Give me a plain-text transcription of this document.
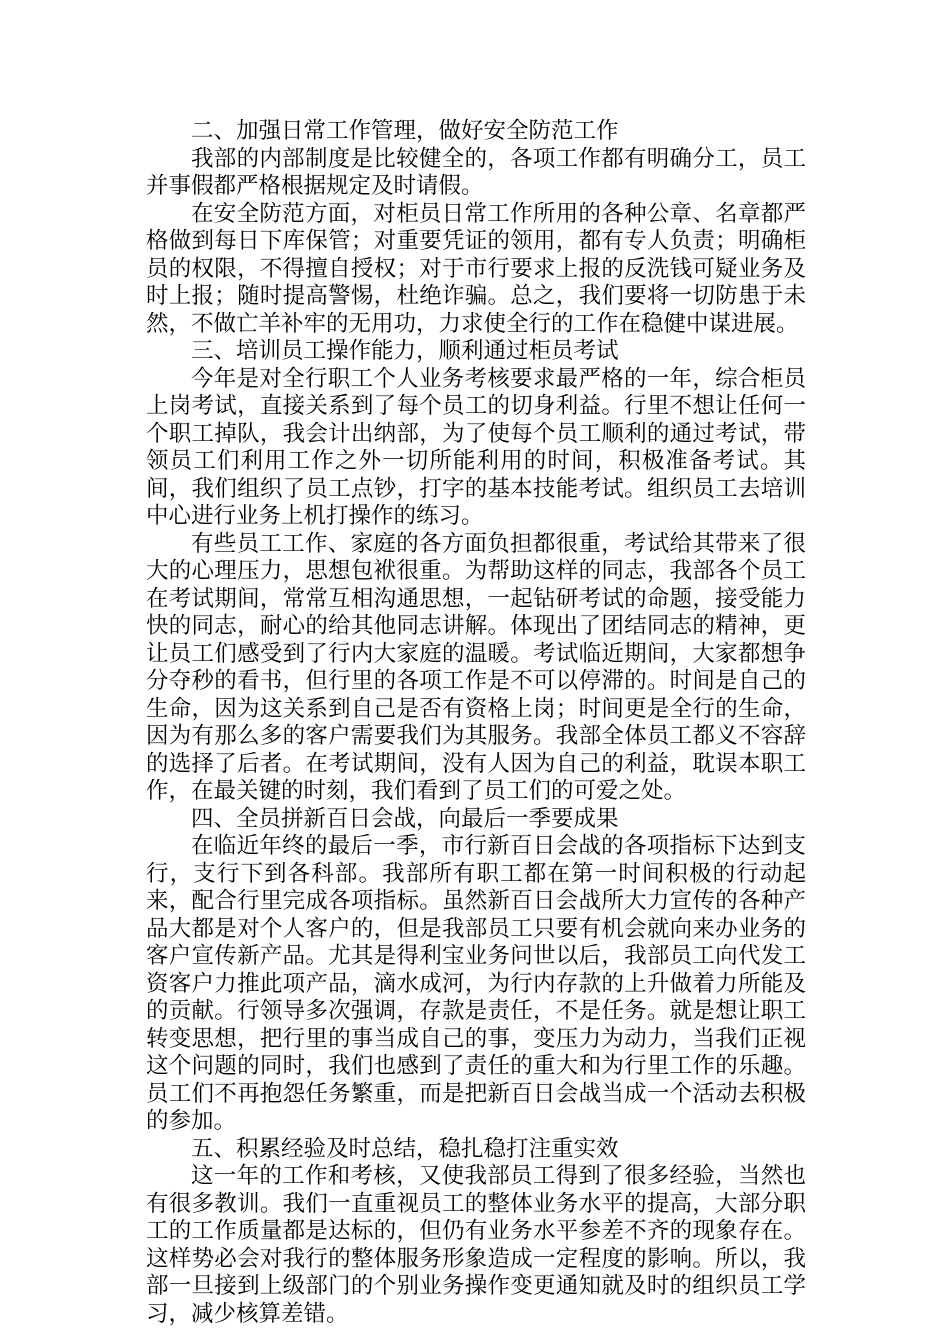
二、加强日常工作管理，做好安全防范工作

我部的内部制度是比较健全的，各项工作都有明确分工，员工并事假都严格根据规定及时请假。

在安全防范方面，对柜员日常工作所用的各种公章、名章都严格做到每日下库保管；对重要凭证的领用，都有专人负责；明确柜员的权限，不得擅自授权；对于市行要求上报的反洗钱可疑业务及时上报；随时提高警惕，杜绝诈骗。总之，我们要将一切防患于未然，不做亡羊补牢的无用功，力求使全行的工作在稳健中谋进展。

三、培训员工操作能力，顺利通过柜员考试

今年是对全行职工个人业务考核要求最严格的一年，综合柜员上岗考试，直接关系到了每个员工的切身利益。行里不想让任何一个职工掉队，我会计出纳部，为了使每个员工顺利的通过考试，带领员工们利用工作之外一切所能利用的时间，积极准备考试。其间，我们组织了员工点钞，打字的基本技能考试。组织员工去培训中心进行业务上机打操作的练习。

有些员工工作、家庭的各方面负担都很重，考试给其带来了很大的心理压力，思想包袱很重。为帮助这样的同志，我部各个员工在考试期间，常常互相沟通思想，一起钻研考试的命题，接受能力快的同志，耐心的给其他同志讲解。体现出了团结同志的精神，更让员工们感受到了行内大家庭的温暖。考试临近期间，大家都想争分夺秒的看书，但行里的各项工作是不可以停滞的。时间是自己的生命，因为这关系到自己是否有资格上岗；时间更是全行的生命，因为有那么多的客户需要我们为其服务。我部全体员工都义不容辞的选择了后者。在考试期间，没有人因为自己的利益，耽误本职工作，在最关键的时刻，我们看到了员工们的可爱之处。

四、全员拼新百日会战，向最后一季要成果

在临近年终的最后一季，市行新百日会战的各项指标下达到支行，支行下到各科部。我部所有职工都在第一时间积极的行动起来，配合行里完成各项指标。虽然新百日会战所大力宣传的各种产品大都是对个人客户的，但是我部员工只要有机会就向来办业务的客户宣传新产品。尤其是得利宝业务问世以后，我部员工向代发工资客户力推此项产品，滴水成河，为行内存款的上升做着力所能及的贡献。行领导多次强调，存款是责任，不是任务。就是想让职工转变思想，把行里的事当成自己的事，变压力为动力，当我们正视这个问题的同时，我们也感到了责任的重大和为行里工作的乐趣。员工们不再抱怨任务繁重，而是把新百日会战当成一个活动去积极的参加。

五、积累经验及时总结，稳扎稳打注重实效

这一年的工作和考核，又使我部员工得到了很多经验，当然也有很多教训。我们一直重视员工的整体业务水平的提高，大部分职工的工作质量都是达标的，但仍有业务水平参差不齐的现象存在。这样势必会对我行的整体服务形象造成一定程度的影响。所以，我部一旦接到上级部门的个别业务操作变更通知就及时的组织员工学习，减少核算差错。
